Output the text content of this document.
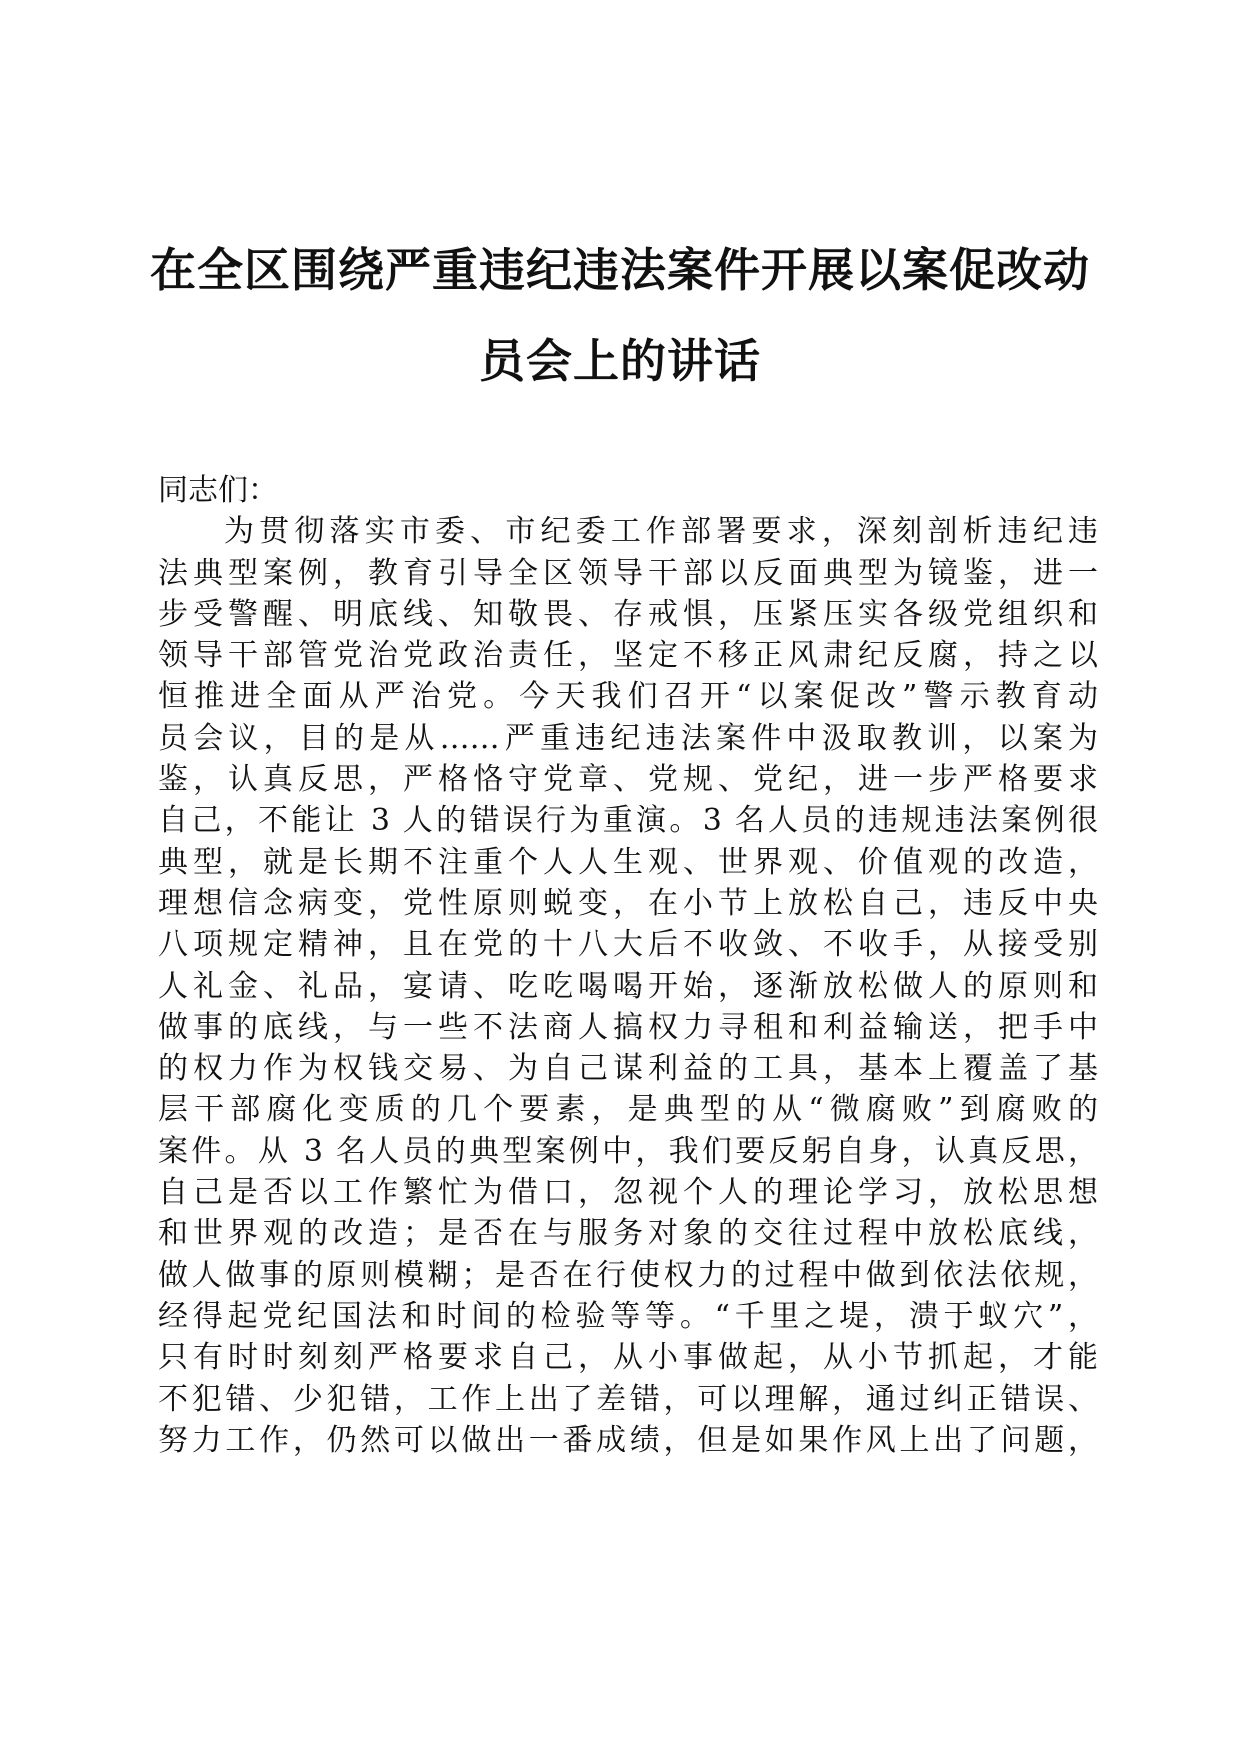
在全区围绕严重违纪违法案件开展以案促改动
员会上的讲话
同志们：
为贯彻落实市委、市纪委工作部署要求，深刻剖析违纪违
法典型案例，教育引导全区领导干部以反面典型为镜鉴，进一
步受警醒、明底线、知敬畏、存戒惧，压紧压实各级党组织和
领导干部管党治党政治责任，坚定不移正风肃纪反腐，持之以
恒推进全面从严治党。今天我们召开“以案促改”警示教育动
员会议，目的是从……严重违纪违法案件中汲取教训，以案为
鉴，认真反思，严格恪守党章、党规、党纪，进一步严格要求
自己，不能让 3 人的错误行为重演。3 名人员的违规违法案例很
典型，就是长期不注重个人人生观、世界观、价值观的改造，
理想信念病变，党性原则蜕变，在小节上放松自己，违反中央
八项规定精神，且在党的十八大后不收敛、不收手，从接受别
人礼金、礼品，宴请、吃吃喝喝开始，逐渐放松做人的原则和
做事的底线，与一些不法商人搞权力寻租和利益输送，把手中
的权力作为权钱交易、为自己谋利益的工具，基本上覆盖了基
层干部腐化变质的几个要素，是典型的从“微腐败”到腐败的
案件。从 3 名人员的典型案例中，我们要反躬自身，认真反思，
自己是否以工作繁忙为借口，忽视个人的理论学习，放松思想
和世界观的改造；是否在与服务对象的交往过程中放松底线，
做人做事的原则模糊；是否在行使权力的过程中做到依法依规，
经得起党纪国法和时间的检验等等。“千里之堤，溃于蚁穴”，
只有时时刻刻严格要求自己，从小事做起，从小节抓起，才能
不犯错、少犯错，工作上出了差错，可以理解，通过纠正错误、
努力工作，仍然可以做出一番成绩，但是如果作风上出了问题，
